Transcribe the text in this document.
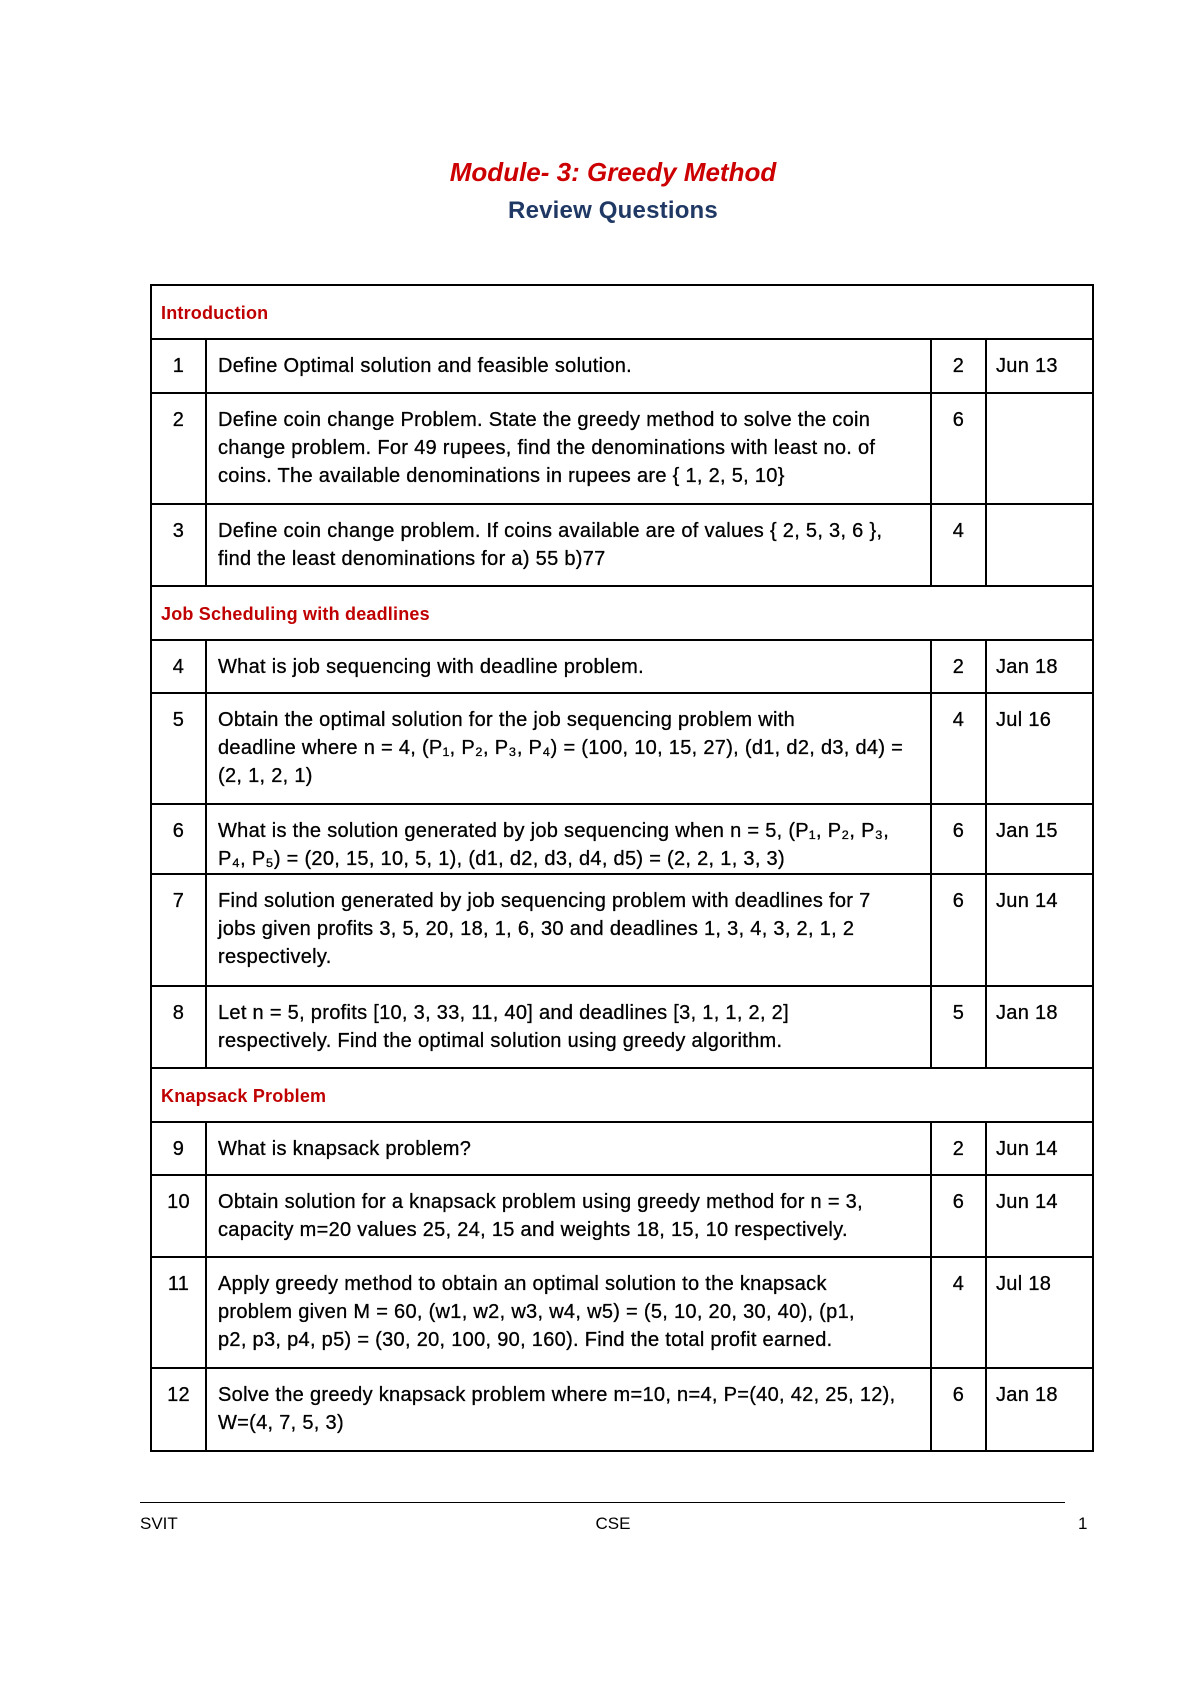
Module- 3: Greedy Method
Review Questions
Introduction			
1	Define Optimal solution and feasible solution.	2	Jun 13
2	Define coin change Problem. State the greedy method to solve the coin
change problem. For 49 rupees, find the denominations with least no. of
coins. The available denominations in rupees are { 1, 2, 5, 10}	6	
3	Define coin change problem. If coins available are of values { 2, 5, 3, 6 },
find the least denominations for a) 55 b)77	4	
Job Scheduling with deadlines			
4	What is job sequencing with deadline problem.	2	Jan 18
5	Obtain the optimal solution for the job sequencing problem with
deadline where n = 4, (P₁, P₂, P₃, P₄) = (100, 10, 15, 27), (d1, d2, d3, d4) =
(2, 1, 2, 1)	4	Jul 16
6	What is the solution generated by job sequencing when n = 5, (P₁, P₂, P₃,
P₄, P₅) = (20, 15, 10, 5, 1), (d1, d2, d3, d4, d5) = (2, 2, 1, 3, 3)	6	Jan 15
7	Find solution generated by job sequencing problem with deadlines for 7
jobs given profits 3, 5, 20, 18, 1, 6, 30 and deadlines 1, 3, 4, 3, 2, 1, 2
respectively.	6	Jun 14
8	Let n = 5, profits [10, 3, 33, 11, 40] and deadlines [3, 1, 1, 2, 2]
respectively. Find the optimal solution using greedy algorithm.	5	Jan 18
Knapsack Problem			
9	What is knapsack problem?	2	Jun 14
10	Obtain solution for a knapsack problem using greedy method for n = 3,
capacity m=20 values 25, 24, 15 and weights 18, 15, 10 respectively.	6	Jun 14
11	Apply greedy method to obtain an optimal solution to the knapsack
problem given M = 60, (w1, w2, w3, w4, w5) = (5, 10, 20, 30, 40), (p1,
p2, p3, p4, p5) = (30, 20, 100, 90, 160). Find the total profit earned.	4	Jul 18
12	Solve the greedy knapsack problem where m=10, n=4, P=(40, 42, 25, 12),
W=(4, 7, 5, 3)	6	Jan 18
SVIT	CSE	1
